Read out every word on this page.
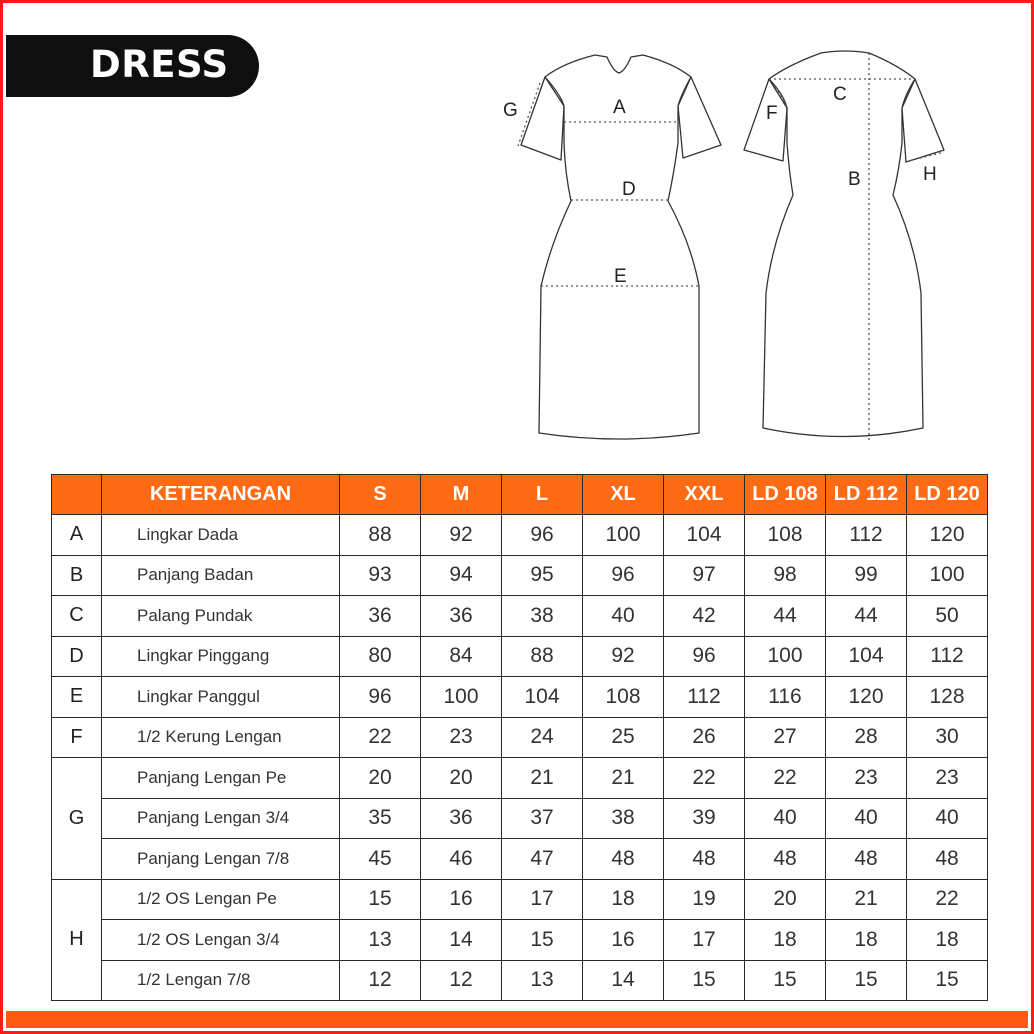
DRESS
A
D
E
G
B
C
F
H
	KETERANGAN	S	M	L	XL	XXL	LD 108	LD 112	LD 120
A	Lingkar Dada	88	92	96	100	104	108	112	120
B	Panjang Badan	93	94	95	96	97	98	99	100
C	Palang Pundak	36	36	38	40	42	44	44	50
D	Lingkar Pinggang	80	84	88	92	96	100	104	112
E	Lingkar Panggul	96	100	104	108	112	116	120	128
F	1/2 Kerung Lengan	22	23	24	25	26	27	28	30
G	Panjang Lengan Pe	20	20	21	21	22	22	23	23
	Panjang Lengan 3/4	35	36	37	38	39	40	40	40
	Panjang Lengan 7/8	45	46	47	48	48	48	48	48
H	1/2 OS Lengan Pe	15	16	17	18	19	20	21	22
	1/2 OS Lengan 3/4	13	14	15	16	17	18	18	18
	1/2 Lengan 7/8	12	12	13	14	15	15	15	15
